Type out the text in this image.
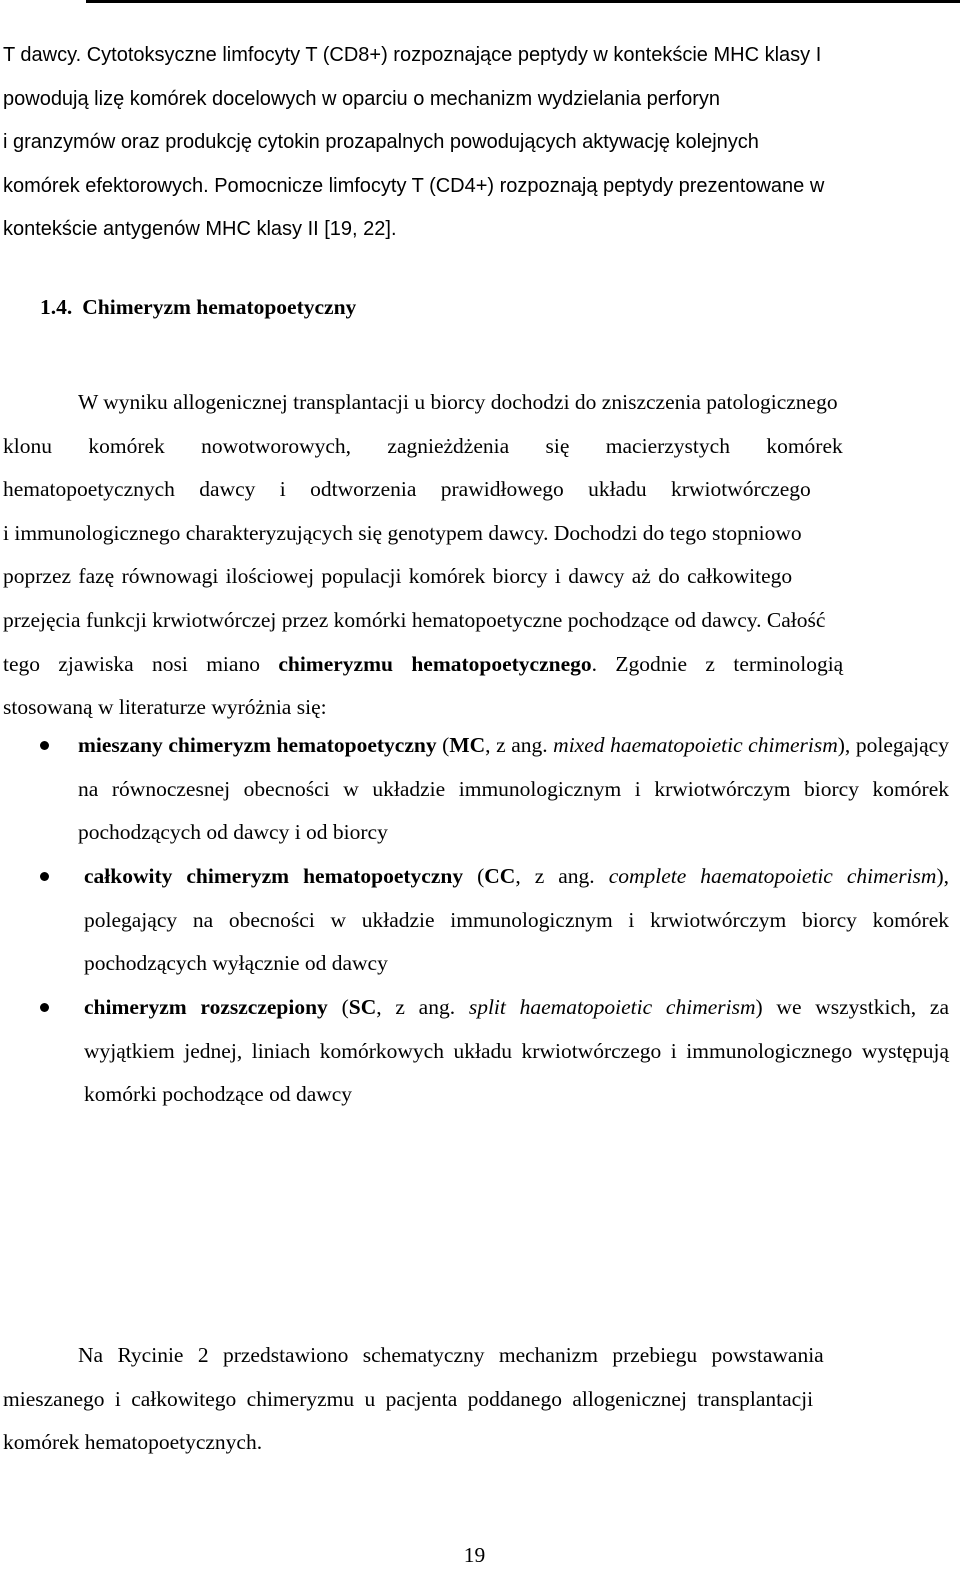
T dawcy. Cytotoksyczne limfocyty T (CD8+) rozpoznające peptydy w kontekście MHC klasy I
powodują lizę komórek docelowych w oparciu o mechanizm wydzielania perforyn
i granzymów oraz produkcję cytokin prozapalnych powodujących aktywację kolejnych
komórek efektorowych. Pomocnicze limfocyty T (CD4+) rozpoznają peptydy prezentowane w
kontekście antygenów MHC klasy II [19, 22].
1.4. Chimeryzm hematopoetyczny
W wyniku allogenicznej transplantacji u biorcy dochodzi do zniszczenia patologicznego
klonu komórek nowotworowych, zagnieżdżenia się macierzystych komórek
hematopoetycznych dawcy i odtworzenia prawidłowego układu krwiotwórczego
i immunologicznego charakteryzujących się genotypem dawcy. Dochodzi do tego stopniowo
poprzez fazę równowagi ilościowej populacji komórek biorcy i dawcy aż do całkowitego
przejęcia funkcji krwiotwórczej przez komórki hematopoetyczne pochodzące od dawcy. Całość
tego zjawiska nosi miano chimeryzmu hematopoetycznego. Zgodnie z terminologią
stosowaną w literaturze wyróżnia się:
mieszany chimeryzm hematopoetyczny (MC, z ang. mixed haematopoietic chimerism), polegający na równoczesnej obecności w układzie immunologicznym i krwiotwórczym biorcy komórek pochodzących od dawcy i od biorcy
całkowity chimeryzm hematopoetyczny (CC, z ang. complete haematopoietic chimerism), polegający na obecności w układzie immunologicznym i krwiotwórczym biorcy komórek pochodzących wyłącznie od dawcy
chimeryzm rozszczepiony (SC, z ang. split haematopoietic chimerism) we wszystkich, za wyjątkiem jednej, liniach komórkowych układu krwiotwórczego i immunologicznego występują komórki pochodzące od dawcy
Na Rycinie 2 przedstawiono schematyczny mechanizm przebiegu powstawania
mieszanego i całkowitego chimeryzmu u pacjenta poddanego allogenicznej transplantacji
komórek hematopoetycznych.
19
